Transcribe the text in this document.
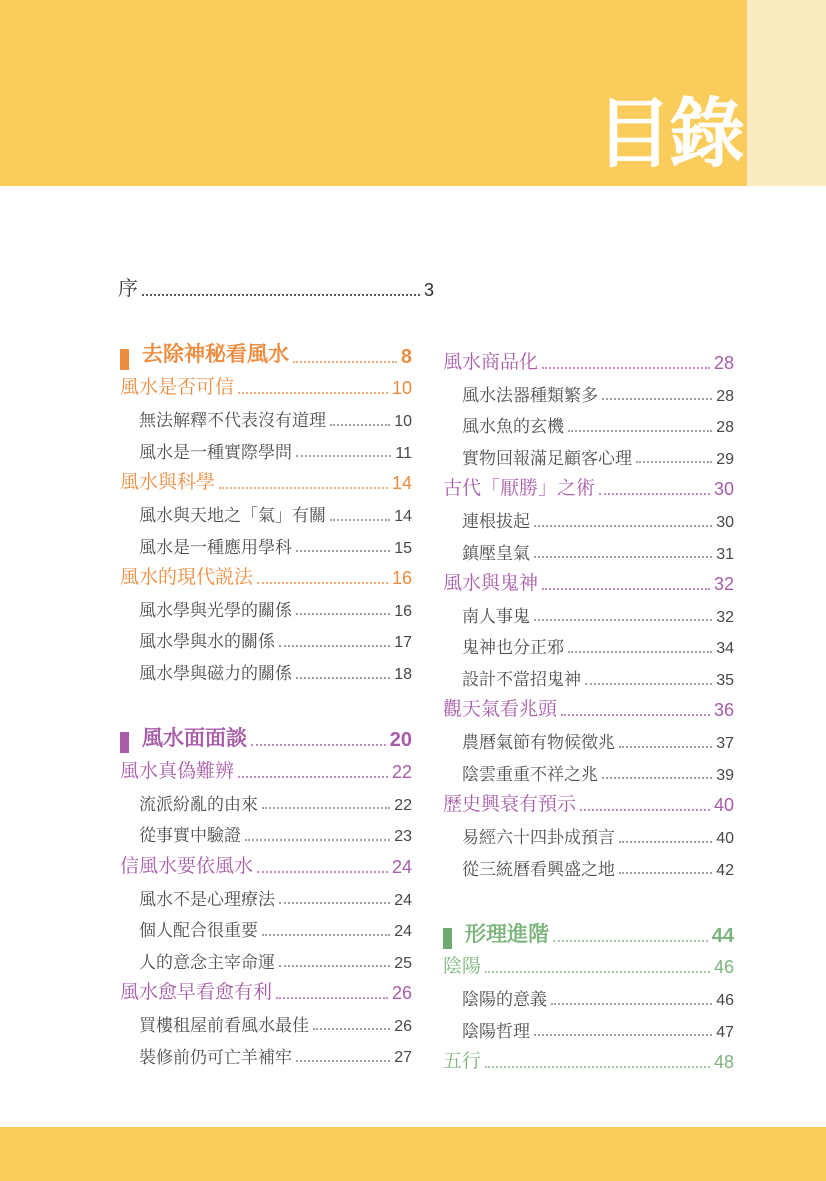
目錄
序	3
去除神秘看風水	8
風水是否可信	10
無法解釋不代表沒有道理	10
風水是一種實際學問	11
風水與科學	14
風水與天地之「氣」有關	14
風水是一種應用學科	15
風水的現代説法	16
風水學與光學的關係	16
風水學與水的關係	17
風水學與磁力的關係	18
風水面面談	20
風水真偽難辨	22
流派紛亂的由來	22
從事實中驗證	23
信風水要依風水	24
風水不是心理療法	24
個人配合很重要	24
人的意念主宰命運	25
風水愈早看愈有利	26
買樓租屋前看風水最佳	26
裝修前仍可亡羊補牢	27
風水商品化	28
風水法器種類繁多	28
風水魚的玄機	28
實物回報滿足顧客心理	29
古代「厭勝」之術	30
連根拔起	30
鎮壓皇氣	31
風水與鬼神	32
南人事鬼	32
鬼神也分正邪	34
設計不當招鬼神	35
觀天氣看兆頭	36
農曆氣節有物候徵兆	37
陰雲重重不祥之兆	39
歷史興衰有預示	40
易經六十四卦成預言	40
從三統曆看興盛之地	42
形理進階	44
陰陽	46
陰陽的意義	46
陰陽哲理	47
五行	48
